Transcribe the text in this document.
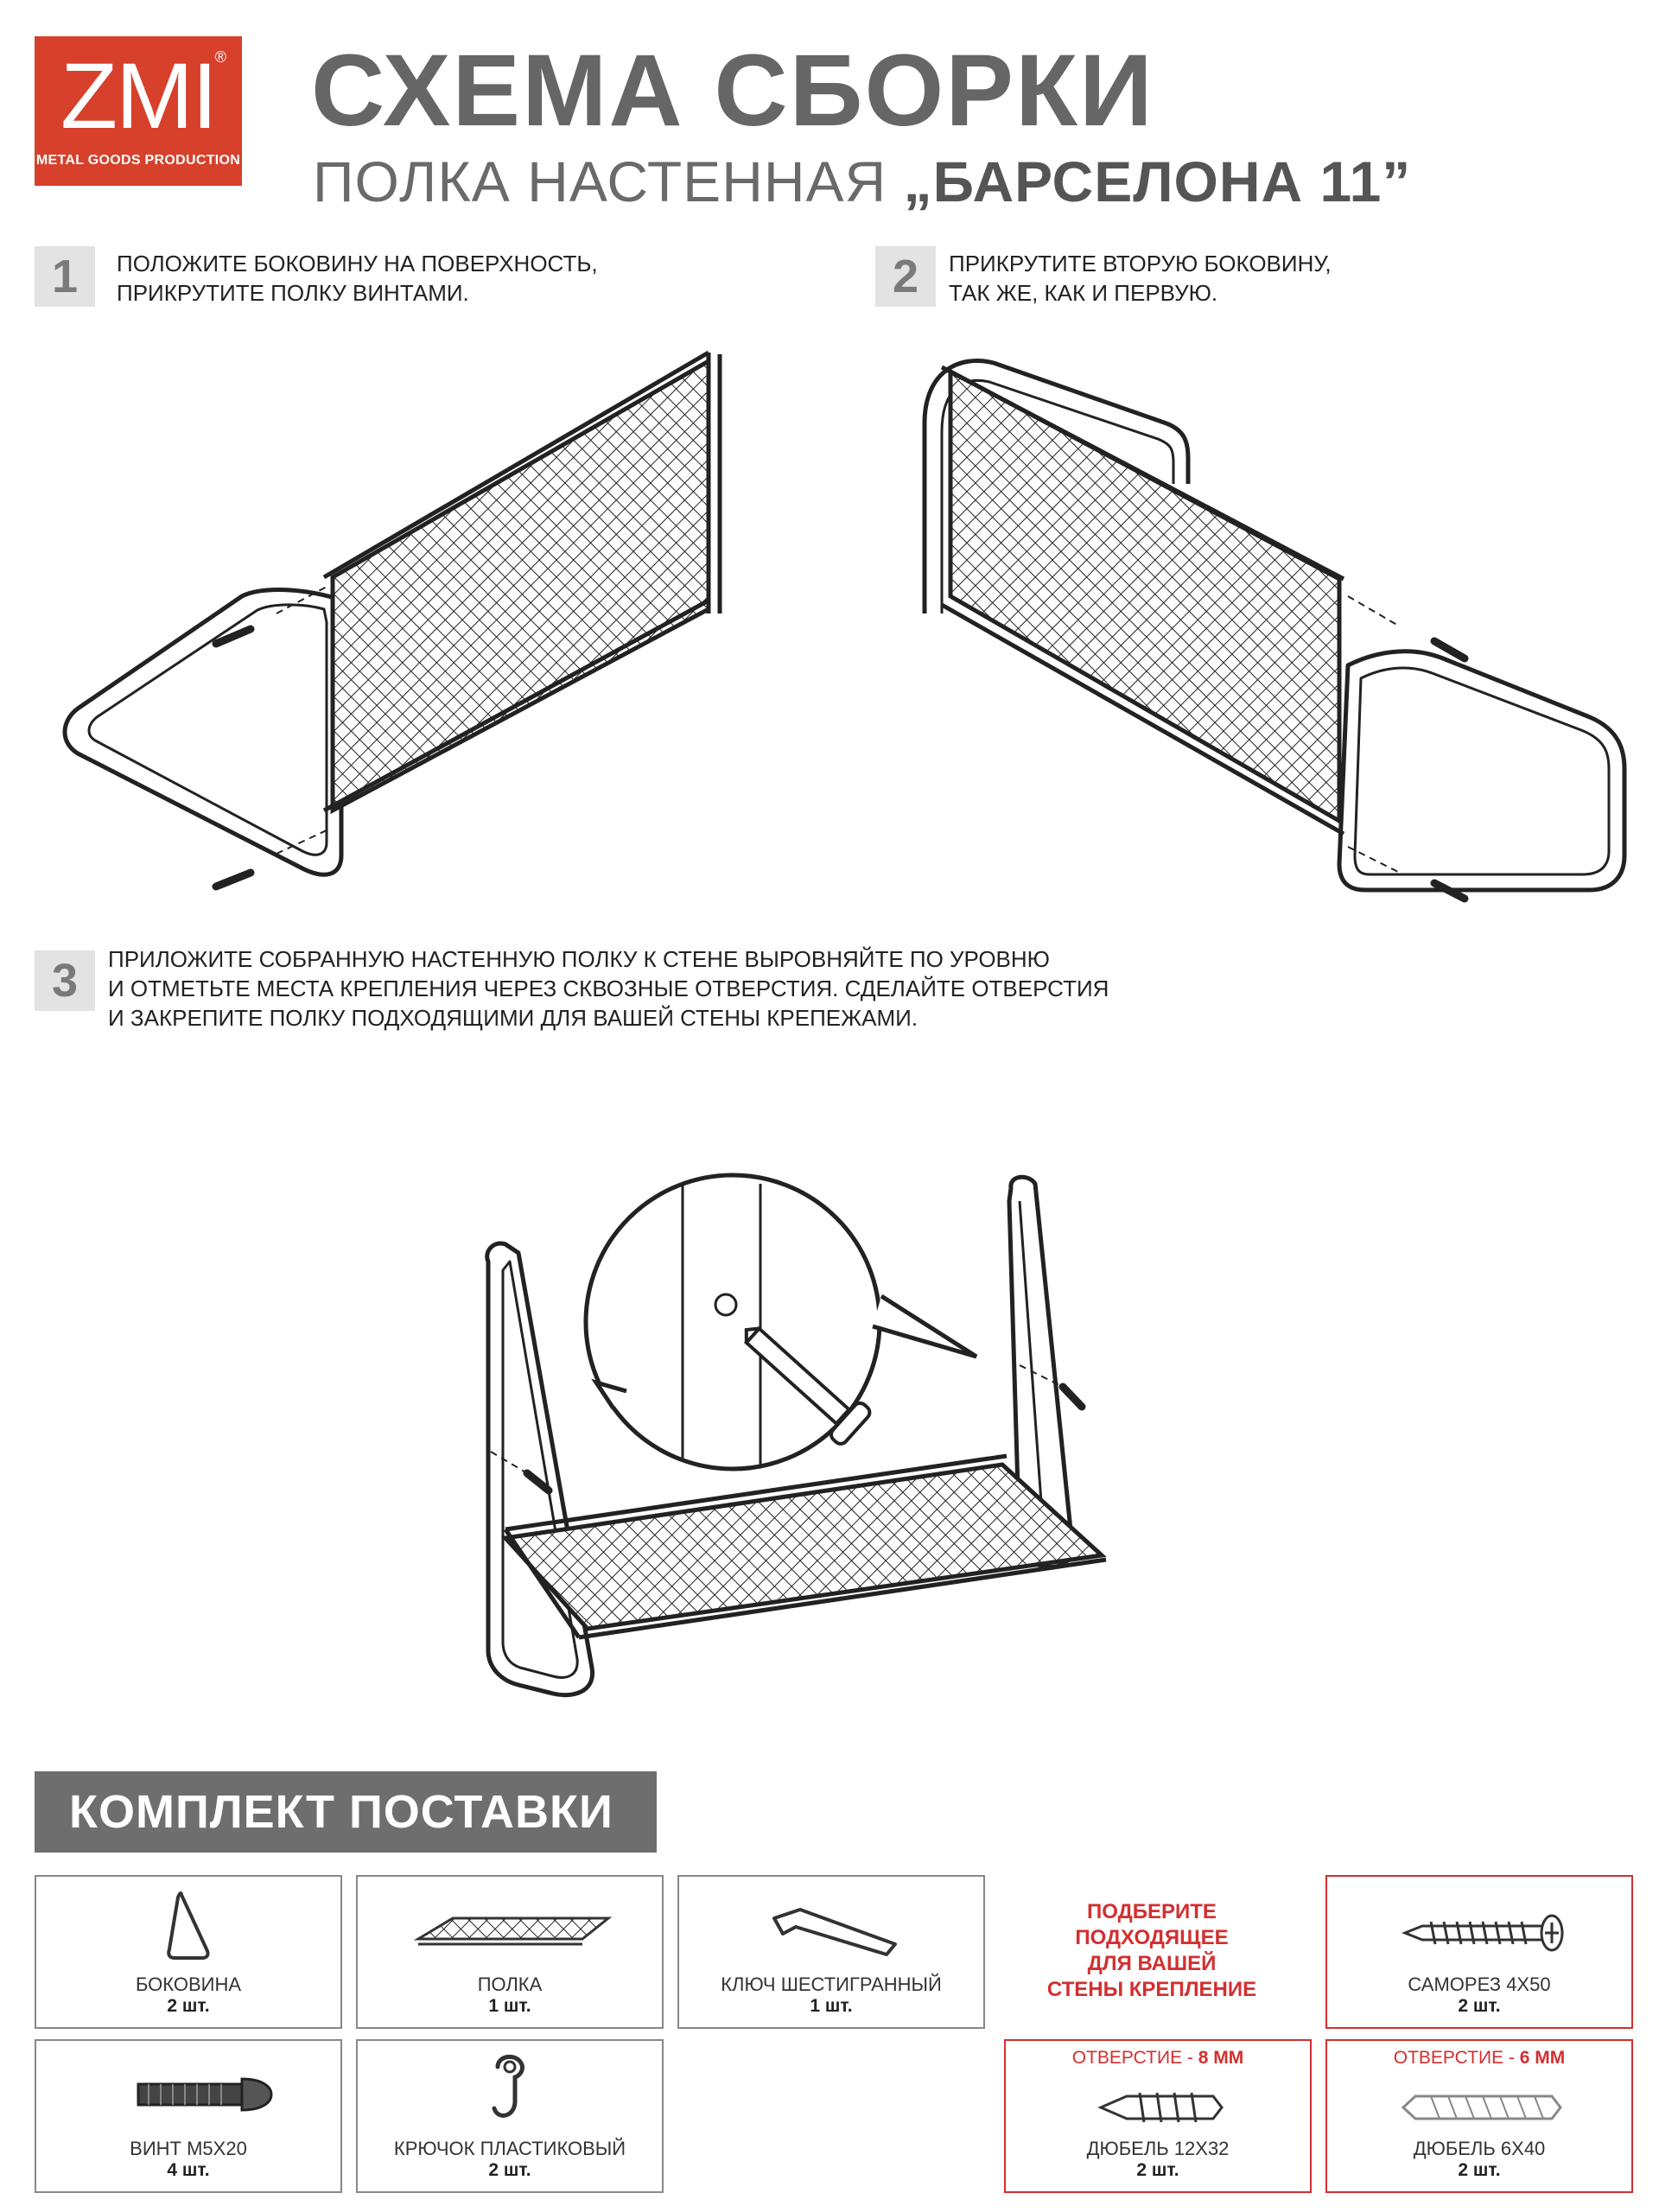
ZMI
®
METAL GOODS PRODUCTION
СХЕМА СБОРКИ
ПОЛКА НАСТЕННАЯ „БАРСЕЛОНА 11”
1	ПОЛОЖИТЕ БОКОВИНУ НА ПОВЕРХНОСТЬ,
ПРИКРУТИТЕ ПОЛКУ ВИНТАМИ.	2	ПРИКРУТИТЕ ВТОРУЮ БОКОВИНУ,
ТАК ЖЕ, КАК И ПЕРВУЮ.
3	ПРИЛОЖИТЕ СОБРАННУЮ НАСТЕННУЮ ПОЛКУ К СТЕНЕ ВЫРОВНЯЙТЕ ПО УРОВНЮ
И ОТМЕТЬТЕ МЕСТА КРЕПЛЕНИЯ ЧЕРЕЗ СКВОЗНЫЕ ОТВЕРСТИЯ. СДЕЛАЙТЕ ОТВЕРСТИЯ
И ЗАКРЕПИТЕ ПОЛКУ ПОДХОДЯЩИМИ ДЛЯ ВАШЕЙ СТЕНЫ КРЕПЕЖАМИ.
КОМПЛЕКТ ПОСТАВКИ
БОКОВИНА
2 шт.
ПОЛКА
1 шт.
КЛЮЧ ШЕСТИГРАННЫЙ
1 шт.
ПОДБЕРИТЕ
ПОДХОДЯЩЕЕ
ДЛЯ ВАШЕЙ
СТЕНЫ КРЕПЛЕНИЕ	САМОРЕЗ 4Х50
2 шт.
ВИНТ М5Х20
4 шт.
КРЮЧОК ПЛАСТИКОВЫЙ
2 шт.
ОТВЕРСТИЕ - 8 ММ
ДЮБЕЛЬ 12Х32
2 шт.
ОТВЕРСТИЕ - 6 ММ
ДЮБЕЛЬ 6Х40
2 шт.
